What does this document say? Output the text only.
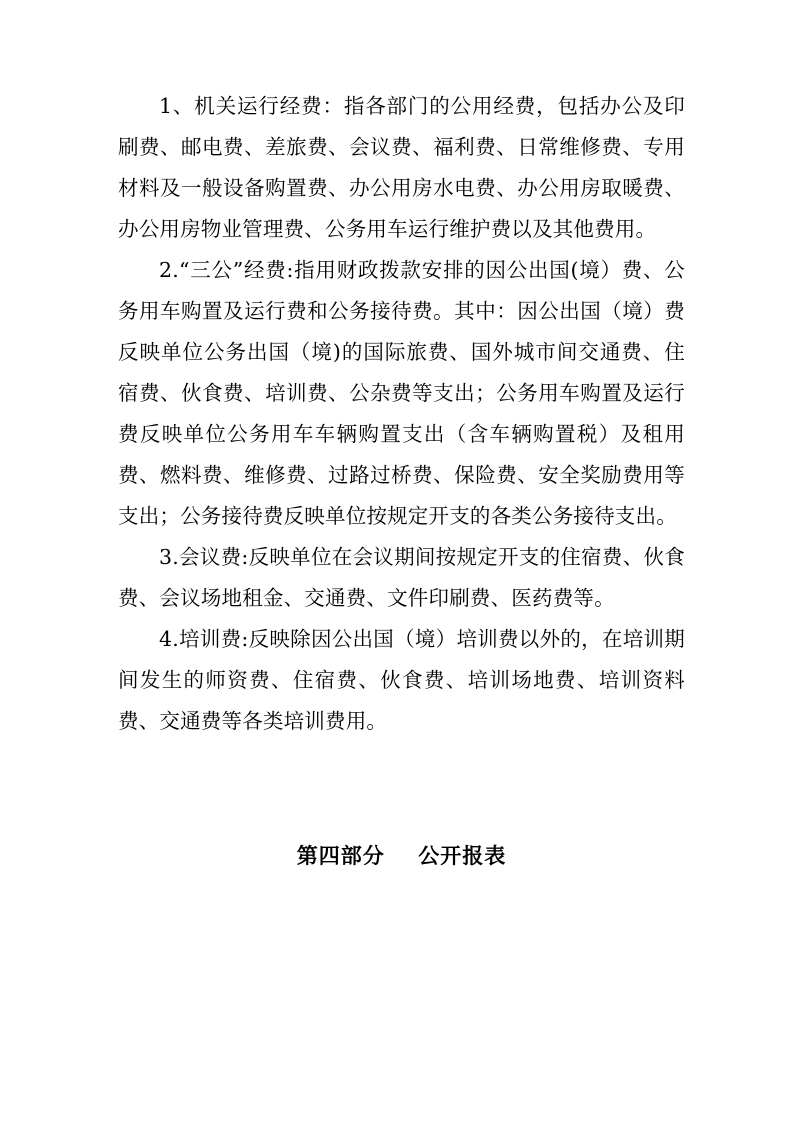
1、机关运行经费：指各部门的公用经费，包括办公及印刷费、邮电费、差旅费、会议费、福利费、日常维修费、专用材料及一般设备购置费、办公用房水电费、办公用房取暖费、办公用房物业管理费、公务用车运行维护费以及其他费用。

2.“三公”经费:指用财政拨款安排的因公出国(境）费、公务用车购置及运行费和公务接待费。其中：因公出国（境）费反映单位公务出国（境)的国际旅费、国外城市间交通费、住宿费、伙食费、培训费、公杂费等支出；公务用车购置及运行费反映单位公务用车车辆购置支出（含车辆购置税）及租用费、燃料费、维修费、过路过桥费、保险费、安全奖励费用等支出；公务接待费反映单位按规定开支的各类公务接待支出。

3.会议费:反映单位在会议期间按规定开支的住宿费、伙食费、会议场地租金、交通费、文件印刷费、医药费等。

4.培训费:反映除因公出国（境）培训费以外的，在培训期间发生的师资费、住宿费、伙食费、培训场地费、培训资料费、交通费等各类培训费用。

第四部分 公开报表
